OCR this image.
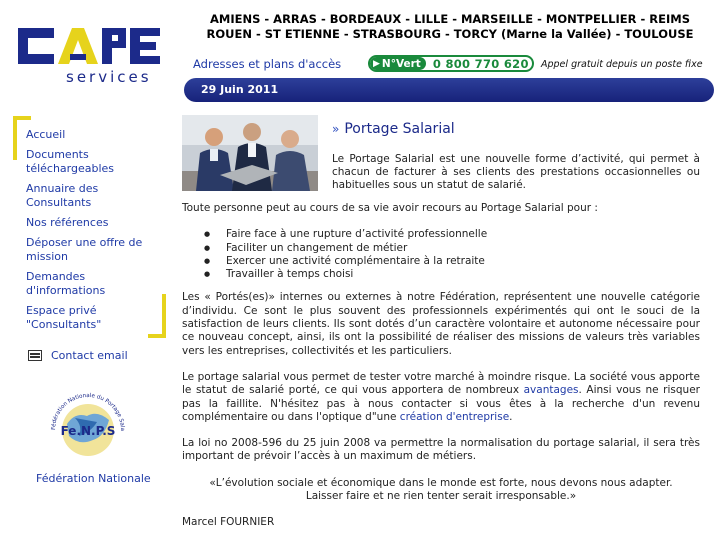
services
AMIENS - ARRAS - BORDEAUX - LILLE - MARSEILLE - MONTPELLIER - REIMS
ROUEN - ST ETIENNE - STRASBOURG - TORCY (Marne la Vallée) - TOULOUSE
Adresses et plans d'accès	▶ N°Vert	0 800 770 620 Appel gratuit depuis un poste fixe
29 Juin 2011
Accueil
Documents téléchargeables
Annuaire des Consultants
Nos références
Déposer une offre de mission
Demandes d'informations
Espace privé "Consultants"
Contact email
Fédération Nationale du Portage Sala
Fe.N.P.S
Fédération Nationale
» Portage Salarial
Le Portage Salarial est une nouvelle forme d’activité, qui permet à chacun de facturer à ses clients des prestations occasionnelles ou habituelles sous un statut de salarié.

Toute personne peut au cours de sa vie avoir recours au Portage Salarial pour :

● Faire face à une rupture d’activité professionnelle
● Faciliter un changement de métier
● Exercer une activité complémentaire à la retraite
● Travailler à temps choisi

Les « Portés(es)» internes ou externes à notre Fédération, représentent une nouvelle catégorie d’individu. Ce sont le plus souvent des professionnels expérimentés qui ont le souci de la satisfaction de leurs clients. Ils sont dotés d’un caractère volontaire et autonome nécessaire pour ce nouveau concept, ainsi, ils ont la possibilité de réaliser des missions de valeurs très variables vers les entreprises, collectivités et les particuliers.

Le portage salarial vous permet de tester votre marché à moindre risque. La société vous apporte le statut de salarié porté, ce qui vous apportera de nombreux avantages. Ainsi vous ne risquer pas la faillite. N'hésitez pas à nous contacter si vous êtes à la recherche d'un revenu complémentaire ou dans l'optique d"une création d'entreprise.

La loi no 2008-596 du 25 juin 2008 va permettre la normalisation du portage salarial, il sera très important de prévoir l’accès à un maximum de métiers.

«L’évolution sociale et économique dans le monde est forte, nous devons nous adapter.
Laisser faire et ne rien tenter serait irresponsable.»

Marcel FOURNIER
